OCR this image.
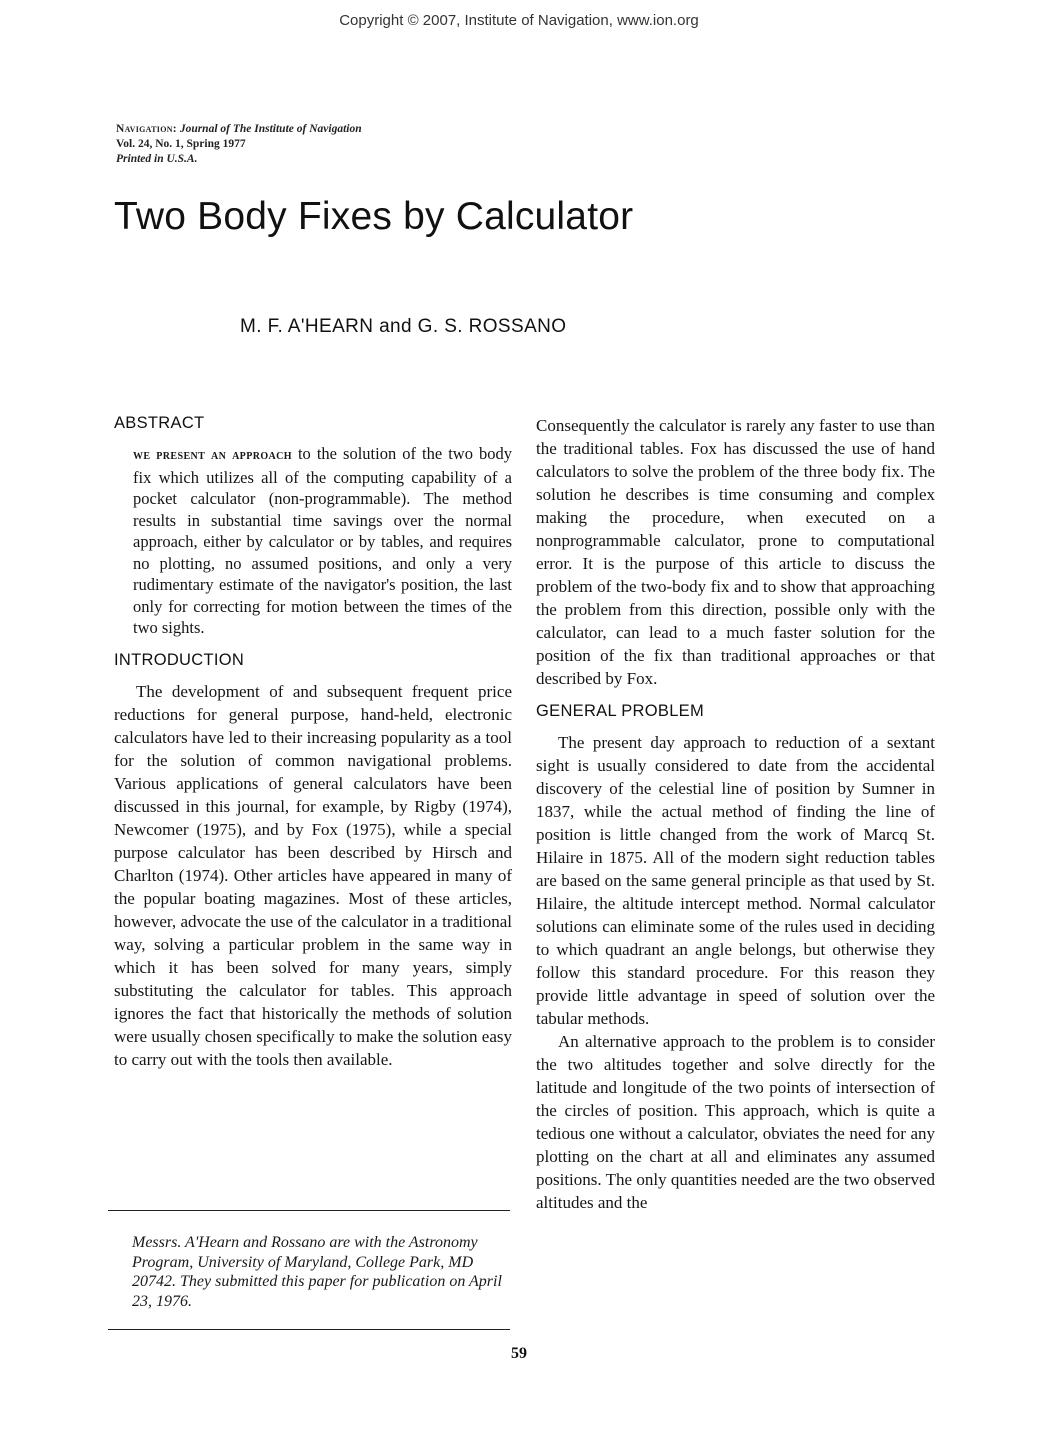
Copyright © 2007, Institute of Navigation, www.ion.org
Navigation: Journal of The Institute of Navigation
Vol. 24, No. 1, Spring 1977
Printed in U.S.A.
Two Body Fixes by Calculator
M. F. A'HEARN and G. S. ROSSANO
ABSTRACT

we present an approach to the solution of the two body fix which utilizes all of the computing capability of a pocket calculator (non-programmable). The method results in substantial time savings over the normal approach, either by calculator or by tables, and requires no plotting, no assumed positions, and only a very rudimentary estimate of the navigator's position, the last only for correcting for motion between the times of the two sights.

INTRODUCTION

The development of and subsequent frequent price reductions for general purpose, hand-held, electronic calculators have led to their increasing popularity as a tool for the solution of common navigational problems. Various applications of general calculators have been discussed in this journal, for example, by Rigby (1974), Newcomer (1975), and by Fox (1975), while a special purpose calculator has been described by Hirsch and Charlton (1974). Other articles have appeared in many of the popular boating magazines. Most of these articles, however, advocate the use of the calculator in a traditional way, solving a particular problem in the same way in which it has been solved for many years, simply substituting the calculator for tables. This approach ignores the fact that historically the methods of solution were usually chosen specifically to make the solution easy to carry out with the tools then available.

Consequently the calculator is rarely any faster to use than the traditional tables. Fox has discussed the use of hand calculators to solve the problem of the three body fix. The solution he describes is time consuming and complex making the procedure, when executed on a nonprogrammable calculator, prone to computational error. It is the purpose of this article to discuss the problem of the two-body fix and to show that approaching the problem from this direction, possible only with the calculator, can lead to a much faster solution for the position of the fix than traditional approaches or that described by Fox.

GENERAL PROBLEM

The present day approach to reduction of a sextant sight is usually considered to date from the accidental discovery of the celestial line of position by Sumner in 1837, while the actual method of finding the line of position is little changed from the work of Marcq St. Hilaire in 1875. All of the modern sight reduction tables are based on the same general principle as that used by St. Hilaire, the altitude intercept method. Normal calculator solutions can eliminate some of the rules used in deciding to which quadrant an angle belongs, but otherwise they follow this standard procedure. For this reason they provide little advantage in speed of solution over the tabular methods.

An alternative approach to the problem is to consider the two altitudes together and solve directly for the latitude and longitude of the two points of intersection of the circles of position. This approach, which is quite a tedious one without a calculator, obviates the need for any plotting on the chart at all and eliminates any assumed positions. The only quantities needed are the two observed altitudes and the

Messrs. A'Hearn and Rossano are with the Astronomy Program, University of Maryland, College Park, MD 20742. They submitted this paper for publication on April 23, 1976.
59
